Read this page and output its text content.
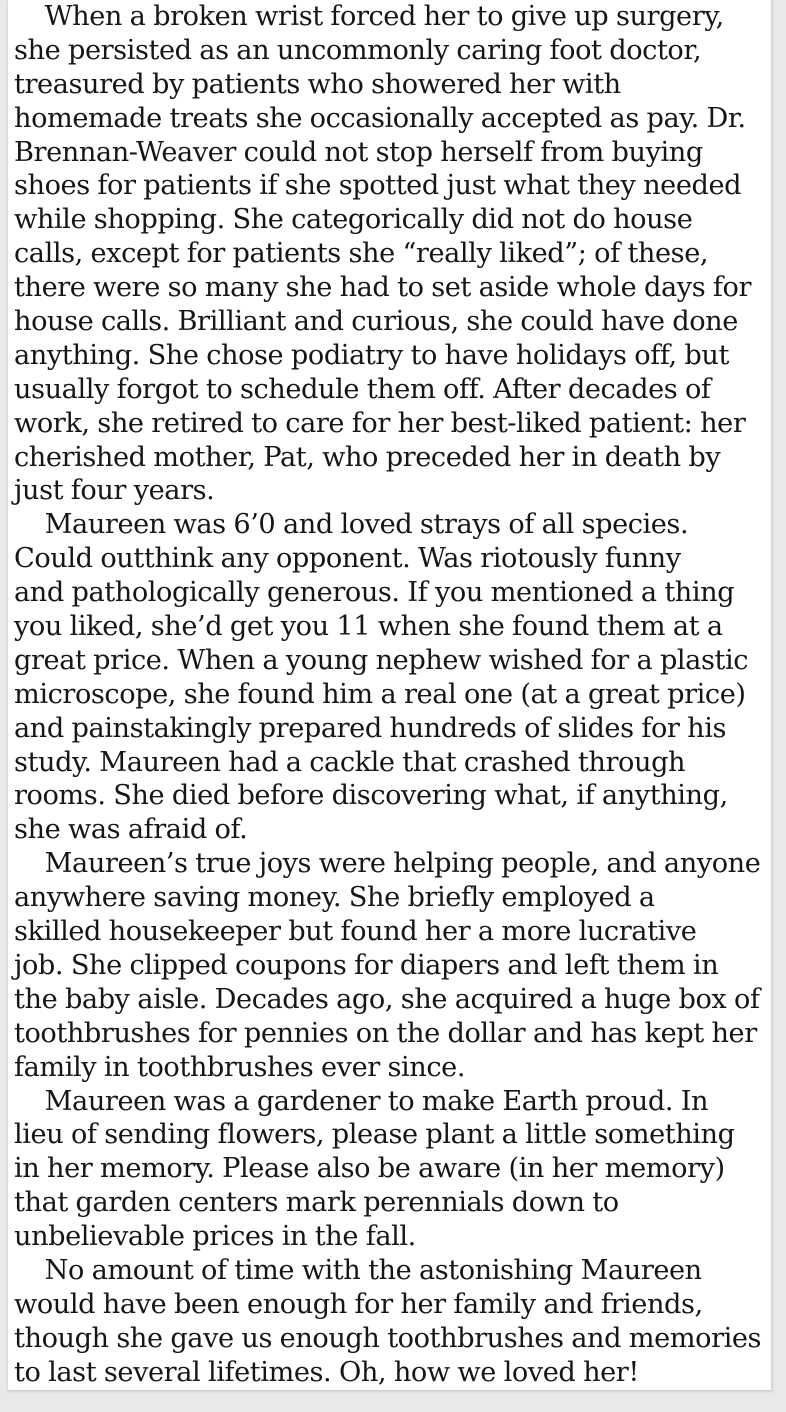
When a broken wrist forced her to give up surgery,
she persisted as an uncommonly caring foot doctor,
treasured by patients who showered her with
homemade treats she occasionally accepted as pay. Dr.
Brennan-Weaver could not stop herself from buying
shoes for patients if she spotted just what they needed
while shopping. She categorically did not do house
calls, except for patients she “really liked”; of these,
there were so many she had to set aside whole days for
house calls. Brilliant and curious, she could have done
anything. She chose podiatry to have holidays off, but
usually forgot to schedule them off. After decades of
work, she retired to care for her best-liked patient: her
cherished mother, Pat, who preceded her in death by
just four years.
Maureen was 6’0 and loved strays of all species.
Could outthink any opponent. Was riotously funny
and pathologically generous. If you mentioned a thing
you liked, she’d get you 11 when she found them at a
great price. When a young nephew wished for a plastic
microscope, she found him a real one (at a great price)
and painstakingly prepared hundreds of slides for his
study. Maureen had a cackle that crashed through
rooms. She died before discovering what, if anything,
she was afraid of.
Maureen’s true joys were helping people, and anyone
anywhere saving money. She briefly employed a
skilled housekeeper but found her a more lucrative
job. She clipped coupons for diapers and left them in
the baby aisle. Decades ago, she acquired a huge box of
toothbrushes for pennies on the dollar and has kept her
family in toothbrushes ever since.
Maureen was a gardener to make Earth proud. In
lieu of sending flowers, please plant a little something
in her memory. Please also be aware (in her memory)
that garden centers mark perennials down to
unbelievable prices in the fall.
No amount of time with the astonishing Maureen
would have been enough for her family and friends,
though she gave us enough toothbrushes and memories
to last several lifetimes. Oh, how we loved her!
